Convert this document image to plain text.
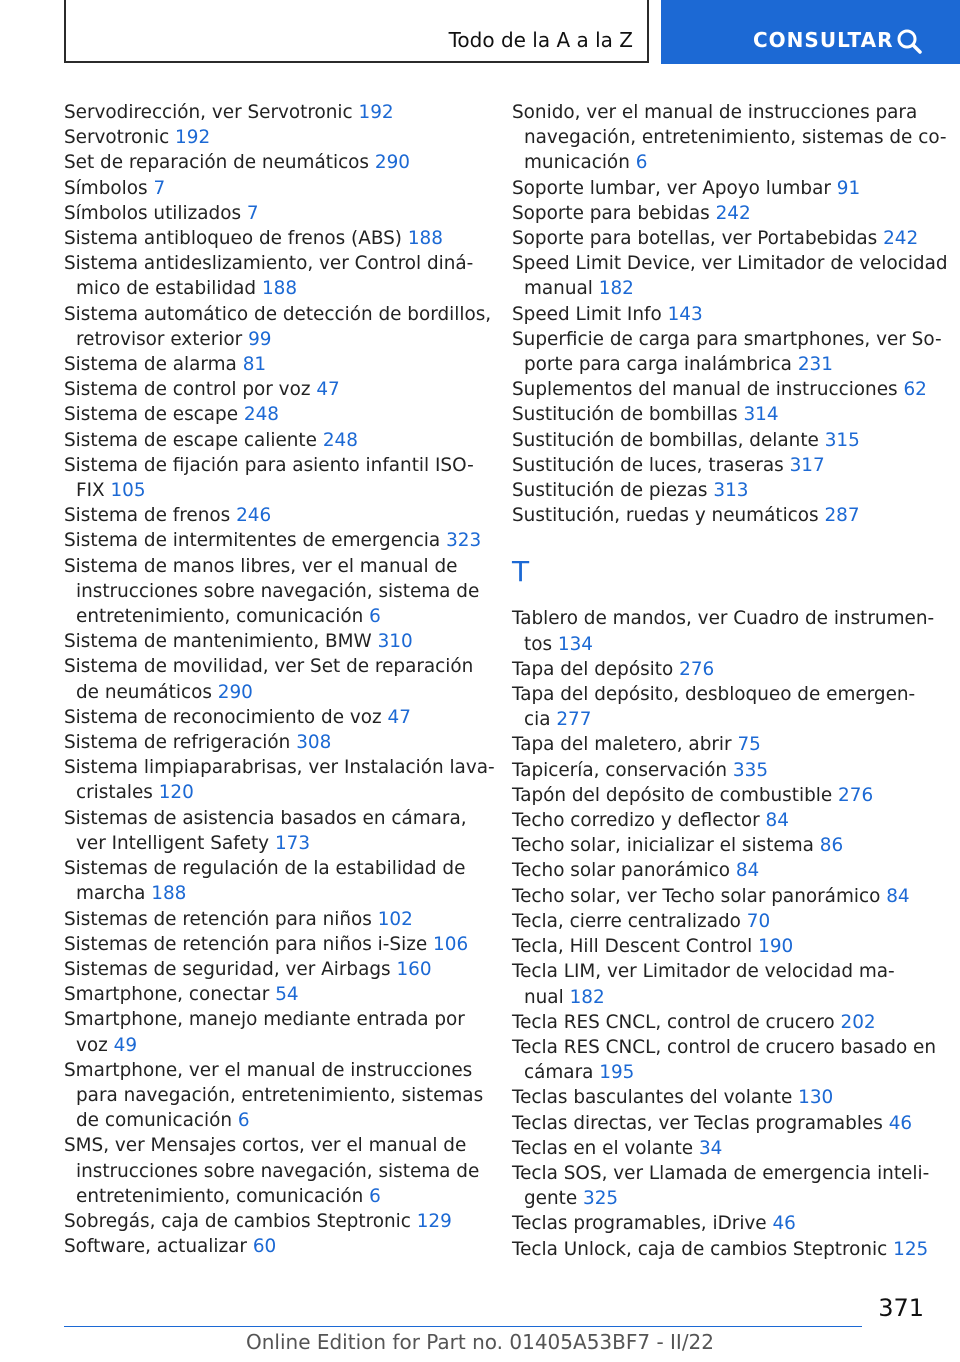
Todo de la A a la Z	CONSULTAR
Servodirección, ver Servotronic 192
Servotronic 192
Set de reparación de neumáticos 290
Símbolos 7
Símbolos utilizados 7
Sistema antibloqueo de frenos (ABS) 188
Sistema antideslizamiento, ver Control diná-
mico de estabilidad 188
Sistema automático de detección de bordillos,
retrovisor exterior 99
Sistema de alarma 81
Sistema de control por voz 47
Sistema de escape 248
Sistema de escape caliente 248
Sistema de fijación para asiento infantil ISO-
FIX 105
Sistema de frenos 246
Sistema de intermitentes de emergencia 323
Sistema de manos libres, ver el manual de
instrucciones sobre navegación, sistema de
entretenimiento, comunicación 6
Sistema de mantenimiento, BMW 310
Sistema de movilidad, ver Set de reparación
de neumáticos 290
Sistema de reconocimiento de voz 47
Sistema de refrigeración 308
Sistema limpiaparabrisas, ver Instalación lava-
cristales 120
Sistemas de asistencia basados en cámara,
ver Intelligent Safety 173
Sistemas de regulación de la estabilidad de
marcha 188
Sistemas de retención para niños 102
Sistemas de retención para niños i-Size 106
Sistemas de seguridad, ver Airbags 160
Smartphone, conectar 54
Smartphone, manejo mediante entrada por
voz 49
Smartphone, ver el manual de instrucciones
para navegación, entretenimiento, sistemas
de comunicación 6
SMS, ver Mensajes cortos, ver el manual de
instrucciones sobre navegación, sistema de
entretenimiento, comunicación 6
Sobregás, caja de cambios Steptronic 129
Software, actualizar 60
Sonido, ver el manual de instrucciones para
navegación, entretenimiento, sistemas de co-
municación 6
Soporte lumbar, ver Apoyo lumbar 91
Soporte para bebidas 242
Soporte para botellas, ver Portabebidas 242
Speed Limit Device, ver Limitador de velocidad
manual 182
Speed Limit Info 143
Superficie de carga para smartphones, ver So-
porte para carga inalámbrica 231
Suplementos del manual de instrucciones 62
Sustitución de bombillas 314
Sustitución de bombillas, delante 315
Sustitución de luces, traseras 317
Sustitución de piezas 313
Sustitución, ruedas y neumáticos 287
T
Tablero de mandos, ver Cuadro de instrumen-
tos 134
Tapa del depósito 276
Tapa del depósito, desbloqueo de emergen-
cia 277
Tapa del maletero, abrir 75
Tapicería, conservación 335
Tapón del depósito de combustible 276
Techo corredizo y deflector 84
Techo solar, inicializar el sistema 86
Techo solar panorámico 84
Techo solar, ver Techo solar panorámico 84
Tecla, cierre centralizado 70
Tecla, Hill Descent Control 190
Tecla LIM, ver Limitador de velocidad ma-
nual 182
Tecla RES CNCL, control de crucero 202
Tecla RES CNCL, control de crucero basado en
cámara 195
Teclas basculantes del volante 130
Teclas directas, ver Teclas programables 46
Teclas en el volante 34
Tecla SOS, ver Llamada de emergencia inteli-
gente 325
Teclas programables, iDrive 46
Tecla Unlock, caja de cambios Steptronic 125
371
Online Edition for Part no. 01405A53BF7 - II/22
